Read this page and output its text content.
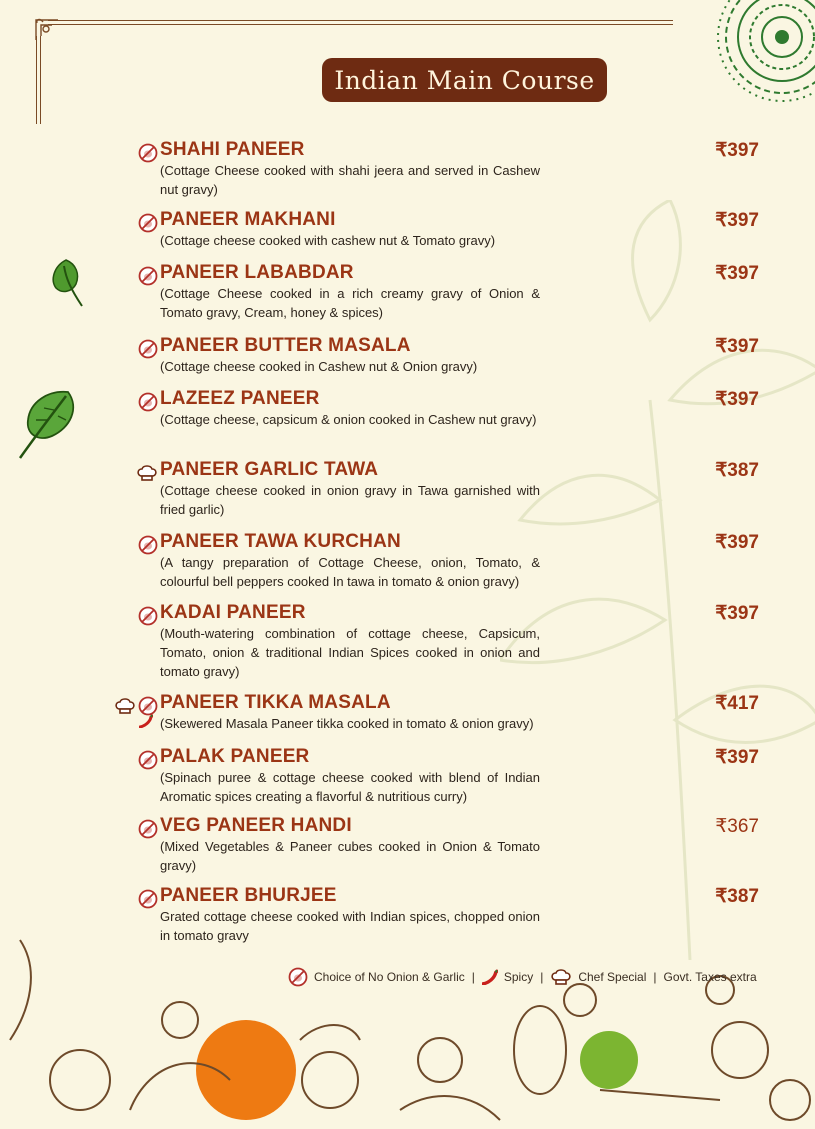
Indian Main Course

SHAHI PANEER	₹397

(Cottage Cheese cooked with shahi jeera and served in Cashew nut gravy)

PANEER MAKHANI	₹397

(Cottage cheese cooked with cashew nut & Tomato gravy)

PANEER LABABDAR	₹397

(Cottage Cheese cooked in a rich creamy gravy of Onion & Tomato gravy, Cream, honey & spices)

PANEER BUTTER MASALA	₹397

(Cottage cheese cooked in Cashew nut & Onion gravy)

LAZEEZ PANEER	₹397

(Cottage cheese, capsicum & onion cooked in Cashew nut gravy)

PANEER GARLIC TAWA	₹387

(Cottage cheese cooked in onion gravy in Tawa garnished with fried garlic)

PANEER TAWA KURCHAN	₹397

(A tangy preparation of Cottage Cheese, onion, Tomato, & colourful bell peppers cooked In tawa in tomato & onion gravy)

KADAI PANEER	₹397

(Mouth-watering combination of cottage cheese, Capsicum, Tomato, onion & traditional Indian Spices cooked in onion and tomato gravy)

PANEER TIKKA MASALA	₹417

(Skewered Masala Paneer tikka cooked in tomato & onion gravy)

PALAK PANEER	₹397

(Spinach puree & cottage cheese cooked with blend of Indian Aromatic spices creating a flavorful & nutritious curry)

VEG PANEER HANDI	₹367

(Mixed Vegetables & Paneer cubes cooked in Onion & Tomato gravy)

PANEER BHURJEE	₹387

Grated cottage cheese cooked with Indian spices, chopped onion in tomato gravy

Choice of No Onion & Garlic | Spicy |	Chef Special | Govt. Taxes extra
